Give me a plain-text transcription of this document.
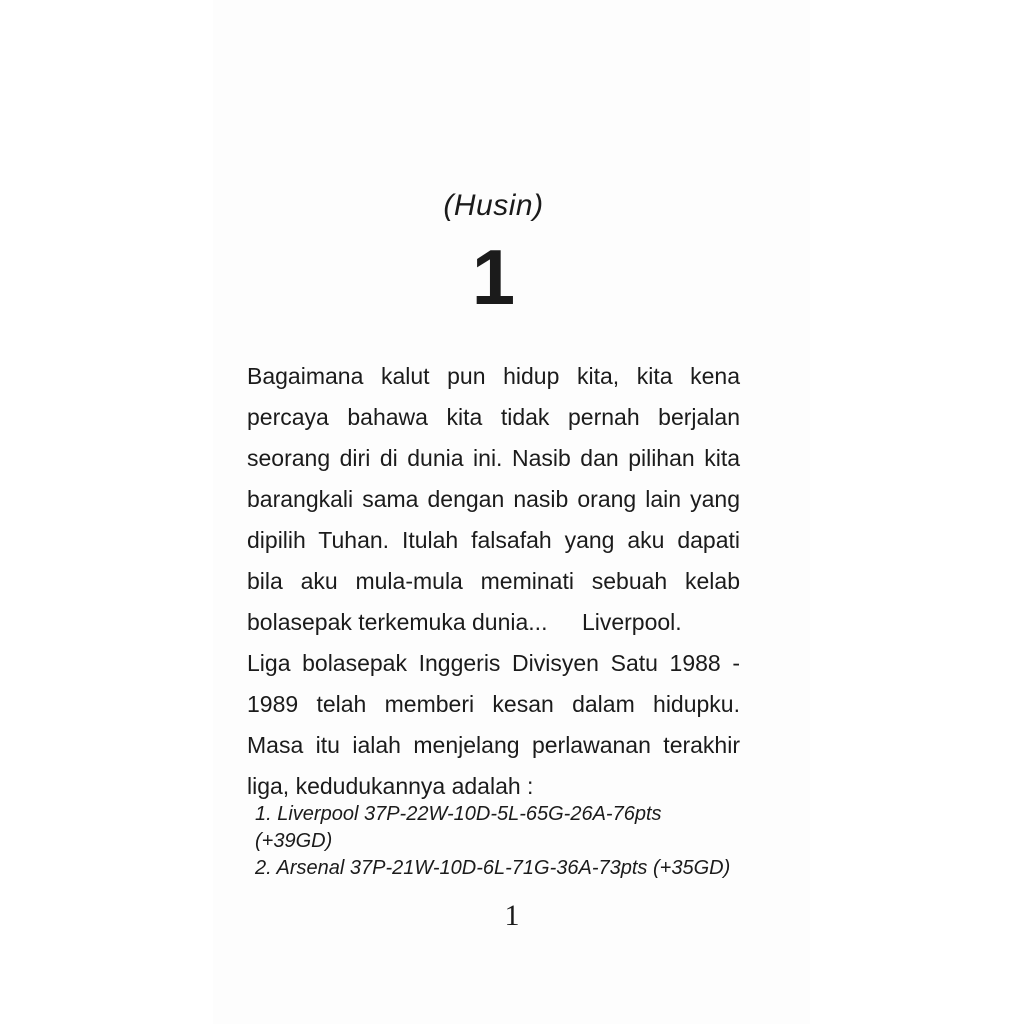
(Husin)
1
Bagaimana kalut pun hidup kita, kita kena
percaya bahawa kita tidak pernah berjalan
seorang diri di dunia ini. Nasib dan pilihan kita
barangkali sama dengan nasib orang lain yang
dipilih Tuhan. Itulah falsafah yang aku dapati
bila aku mula-mula meminati sebuah kelab
bolasepak terkemuka dunia...  Liverpool.
Liga bolasepak Inggeris Divisyen Satu 1988 -
1989 telah memberi kesan dalam hidupku.
Masa itu ialah menjelang perlawanan terakhir
liga, kedudukannya adalah :
1. Liverpool 37P-22W-10D-5L-65G-26A-76pts (+39GD)
2. Arsenal 37P-21W-10D-6L-71G-36A-73pts (+35GD)
1
